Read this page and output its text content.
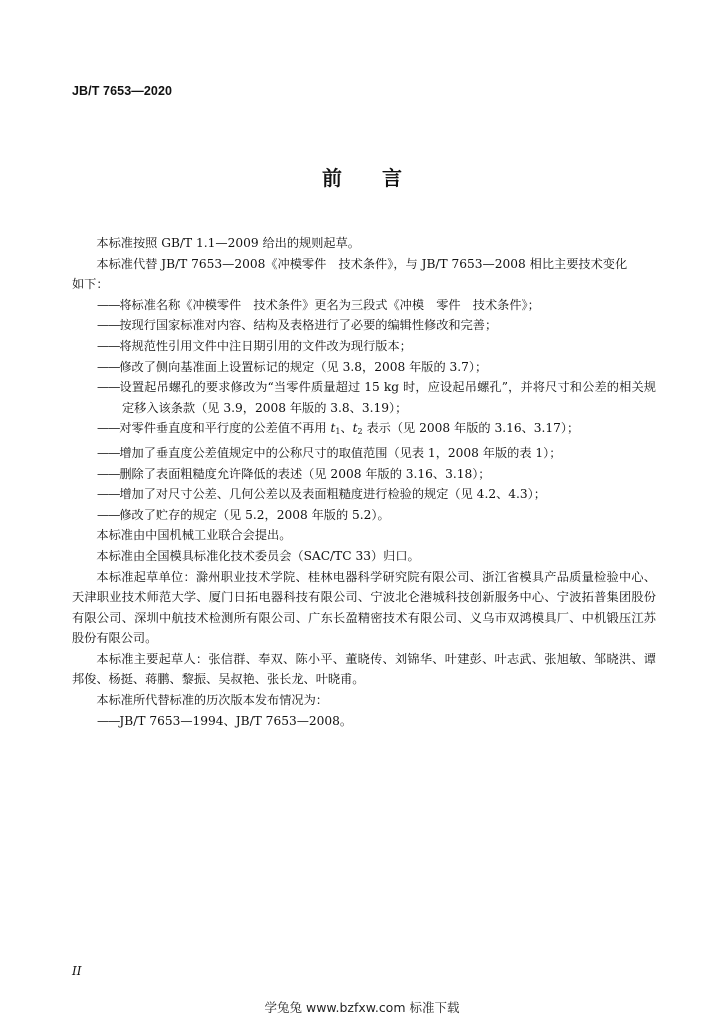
JB/T 7653—2020
前　　言

本标准按照 GB/T 1.1—2009 给出的规则起草。

本标准代替 JB/T 7653—2008《冲模零件　技术条件》，与 JB/T 7653—2008 相比主要技术变化
如下：

——将标准名称《冲模零件　技术条件》更名为三段式《冲模　零件　技术条件》；

——按现行国家标准对内容、结构及表格进行了必要的编辑性修改和完善；

——将规范性引用文件中注日期引用的文件改为现行版本；

——修改了侧向基准面上设置标记的规定（见 3.8，2008 年版的 3.7）；

——设置起吊螺孔的要求修改为“当零件质量超过 15 kg 时，应设起吊螺孔”，并将尺寸和公差的相关规定移入该条款（见 3.9，2008 年版的 3.8、3.19）；

——对零件垂直度和平行度的公差值不再用 $t_1$、$t_2$ 表示（见 2008 年版的 3.16、3.17）；

——增加了垂直度公差值规定中的公称尺寸的取值范围（见表 1，2008 年版的表 1）；

——删除了表面粗糙度允许降低的表述（见 2008 年版的 3.16、3.18）；

——增加了对尺寸公差、几何公差以及表面粗糙度进行检验的规定（见 4.2、4.3）；

——修改了贮存的规定（见 5.2，2008 年版的 5.2）。

本标准由中国机械工业联合会提出。

本标准由全国模具标准化技术委员会（SAC/TC 33）归口。

本标准起草单位：滁州职业技术学院、桂林电器科学研究院有限公司、浙江省模具产品质量检验中心、天津职业技术师范大学、厦门日拓电器科技有限公司、宁波北仑港城科技创新服务中心、宁波拓普集团股份有限公司、深圳中航技术检测所有限公司、广东长盈精密技术有限公司、义乌市双鸿模具厂、中机锻压江苏股份有限公司。

本标准主要起草人：张信群、奉双、陈小平、董晓传、刘锦华、叶建彭、叶志武、张旭敏、邹晓洪、谭邦俊、杨挺、蒋鹏、黎振、吴叔艳、张长龙、叶晓甫。

本标准所代替标准的历次版本发布情况为：

——JB/T 7653—1994、JB/T 7653—2008。

II
学兔兔 www.bzfxw.com 标准下载
